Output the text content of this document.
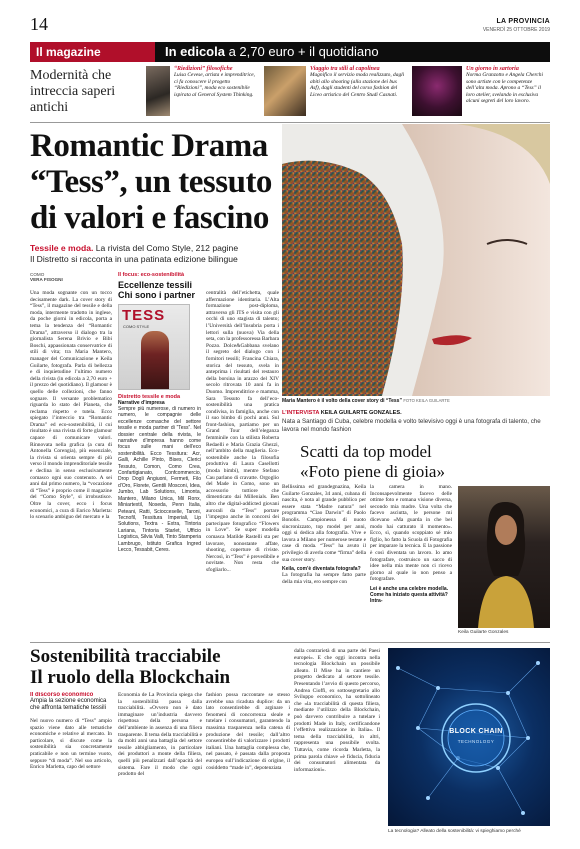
14	LA PROVINCIA
VENERDÌ 25 OTTOBRE 2019
Il magazine	In edicola a 2,70 euro + il quotidiano
Modernità che intreccia saperi antichi
“Riedizioni” filosofiche
Luisa Cevese, artista e imprenditrice, ci fa conoscere il progetto “Riedizioni”, moda eco sostenibile ispirata al General System Thinking.
Viaggio tra stili al capolinea
Magnifico il servizio moda realizzato, dagli abiti allo shooting (alla stazione dei bus Asf), dagli studenti del corso fashion del Liceo artistico del Centro Studi Casnati.
Un giorno in sartoria
Norma Granzotto e Angela Cherchi sono artiste con le competenze dell’alta moda. Aprono a “Tess” il loro atelier, svelando in esclusiva alcuni segreti del loro lavoro.
Romantic Drama
“Tess”, un tessuto
di valori e fascino
Tessile e moda. La rivista del Como Style, 212 pagine
Il Distretto si racconta in una patinata edizione bilingue
Maria Mantero è il volto della cover story di “Tess” FOTO KEILA GUILARTE
COMO
VERA FISOGNI
Una moda sognante con un tocco decisamente dark. La cover story di “Tess”, il magazine del tessile e della moda, intermente tradotto in inglese, da poche giorni in edicola, porta a tema la tendenza del “Romantic Drama”, attraverso il dialogo tra la giornalista Serena Brivio e Bibi Boschi, appassionata conservatrice di stili di vita; tra Maria Mantero, manager del Comunicazione e Keila Guilarte, fotografa. Parla di bellezza e di inquietudine l’ultimo numero della rivista (in edicola a 2,70 euro + il prezzo del quotidiano). Il glamour è quello delle collezioni, che fanno sognare. Il versante problematico riguarda lo stato del Pianeta, che reclama rispetto e tutela. Ecco spiegato l’intreccio tra “Romantic Drama” ed eco-sostenibilità, il cui risultato è una rivista di forte glamour capace di comunicare valori. Rinnovata nella grafica (a cura di Antonella Corengia), più essenziale, la rivista si orienta sempre di più verso il mondo imprenditoriale tessile e declina in senso esclusivamente comasco ogni suo contenuto. A sei anni dal primo numero, la “vocazione di “Tess” è proprio come il magazine del “Como Style”, si irrobustisce. Oltre la cover, ecco i focus economici, a cura di Enrico Marletta: lo scenario ambiguo del mercato e la
Il focus: eco-sostenibilità
Eccellenze tessili Chi sono i partner
TESS
COMO STYLE
Distretto tessile e moda
Narrative d’impresa
Sempre più numerose, di numero in numero, le compagnie delle eccellenze comasche del settore tessile e moda partner di “Tess”. Nel dossier centrale della rivista, le narrative d’impresa hanno come focus sulle mani dell’eco sostenibilità. Ecco Tessitura: Acr, Galli, Achille Pinto, Bises, Clerici Tessuto, Comon, Como Crea, Confartigianato, Confcommercio, Drop Dogli Angiuoni, Fermeti, Filo d’Oro, Florete, Gentili Mosconi, Idea, Jumbo, Lab Solutions, Limonta, Mantero, Milano Unica, Mil Ronx, Miniartextil, Noseda, Penn Italia, Peteani, Ratti, Sciocceselle, Taroni, Tecnofil, Tessitura Imperiali, Lip Solutions, Textra - Extra, Tintoria Lariana, Tintoria Starlet, Ufficio Logistica, Silvia Valli, Tinto Stamperia Lambrugo, Istituto Grafica Ingred Lecco, Tessabit, Ceres.
centralità dell’etichetta, quale affermazione identitaria. L’Alta formazione post-diploma, attraverso gli ITS e visita con gli occhi di uno stagista di talento; l’Università dell’Insubria porta i lettori sulla (nuova) Via della seta, con la professoressa Barbara Pozzo. Dolce&Gabbana svelano il segreto del dialogo con i fornitori tessili; Francina Chiara, storica del tessuto, svela in anteprima i risultati del restauro della borsina in arazzo del XIV secolo ritrovata 10 anni fa in Duomo. Imprenditrice e mamma, Sara Tessuto fa dell’eco-sostenibilità una pratica condivisa, in famiglia, anche con il suo bimbo di pochi anni. Sul front-fashion, partiamo per un Grand Tour dell’eleganza femminile con la stilista Roberta Redaelli e Maria Grazia Ghezzi, nell’ambito della maglieria. Eco-sostenibile anche la filosofia produttiva di Laura Casellotti (moda bimbi), mentre Stefano Cau parlano di cravatte. Orgoglio del Made in Como, sono un accessorio tuttiore che dimenticato dai Millenials. Ben altro che digital-addicted giovani aurorali da “Tess” portare l’impegno anche in concorsi dei partecipare fotografico “Flowers in Love”. Se super modella comasca Matilde Rastelli sta per lavorare, nonostante affate, shooting, coperture di riviste. Nercosì, in “Tess” è prevedibile e novitate. Non resta che sfogliarlo...
L’INTERVISTA KEILA GUILARTE GONZALES.
Nata a Santiago di Cuba, celebre modella e volto televisivo oggi è una fotografa di talento, che lavora nel mondo fashion
Scatti da top model
«Foto piene di gioia»
Bellissima ed grandegnazina, Keila Guilarte Gonzales, 34 anni, cubana di nascita, è nota al grande pubblico per essere stata “Madre natura” nel programma “Ciao Darwin” di Paolo Bonolis. Campionessa di nuoto sincronizzato, top model per anni, oggi si dedica alla fotografia. Vive e lavora a Milano per numerose testate e case di moda. “Tess” ha avuto il privilegio di averla come “firma” della sua cover story.
Keila, com’è diventata fotografa?
La fotografia ha sempre fatto parte della mia vita, ero sempre con
la camera in mano. Inconsapevolmente facevo delle ottime foto e romana visione diversa, secondo mia madre. Una volta che facevo asciutta, le persone mi dicevano «Ma guarda in che bel modo hai catturato il momento». Ecco, sì, quando scoppiato sé mio figlio, ho fatto la Scuola di Fotografia per imparare la tecnica. E la passione è così diventata un lavoro. Io amo fotografare, costruisco un sacco di idee nella mia mente non ci ricevo giorno al quale io non penso a fotografare.
Lei è anche una celebre modella. Come ha iniziato questa attività? Intra-
Keila Guilarte Gonzales
Sostenibilità tracciabile
Il ruolo della Blockchain
Il discorso economico
Ampia la sezione economica che affronta tematiche tessili
Nel nuovo numero di “Tess” ampio spazio viene dato alle tematiche economiche e relative al mercato. In particolare, si discute come la sostenibilità sia concretamente praticabile e non un termine vuoto, seppure “di moda”. Nel suo articolo, Enrico Marletta, capo del settore
Economia de La Provincia spiega che la sostenibilità passa dalla tracciabilità. «Ovvero non è dato immaginare un’industria davvero rispettosa della persona e dell’ambiente in assenza di una filiera trasparente. Il tema della tracciabilità e da molti anni una battaglia del settore tessile abbigliamento, in particolare dei produttori a monte della filiera, quelli più penalizzati dall’opacità del sistema. Fare il modo che ogni prodotto del
fashion possa raccontare se stesso avrebbe una ricaduta duplice: da un lato consentirebbe di arginare i fenomeni di concorrenza sleale e tutelare i consumatori, garantendo la massima trasparenza nella catena di produzione del tessile; dall’altro consentirebbe di valorizzare i prodotti italiani. Una battaglia complessa che, nel passato, è passata dalla proposta europea sull’indicazione di origine, il cosiddetto “made in”, depotenziata
dalla contrarietà di una parte dei Paesi europei». E che oggi incontra nella tecnologia Blockchain un possibile alleato. Il Mise ha in cantiere un progetto dedicato al settore tessile. Presentando l’avvio di questo percorso, Andrea Cioffi, ex sottosegretario allo Sviluppo economico, ha sottolineato che «la tracciabilità di questa filiera, mediante l’utilizzo della Blockchain, può davvero contribuire a tutelare i prodotti Made in Italy, certificandone l’effettiva realizzazione in Italia». Il tema della tracciabilità, in altri, rappresenta una possibile svolta. Tuttavia, come ricorda Marletta, la prima parola chiave «è fiducia, fiducia dei consumatori alimentata da informazioni».
BLOCK CHAIN
TECHNOLOGY
La tecnologia? Alleato della sostenibilità: vi spieghiamo perché
